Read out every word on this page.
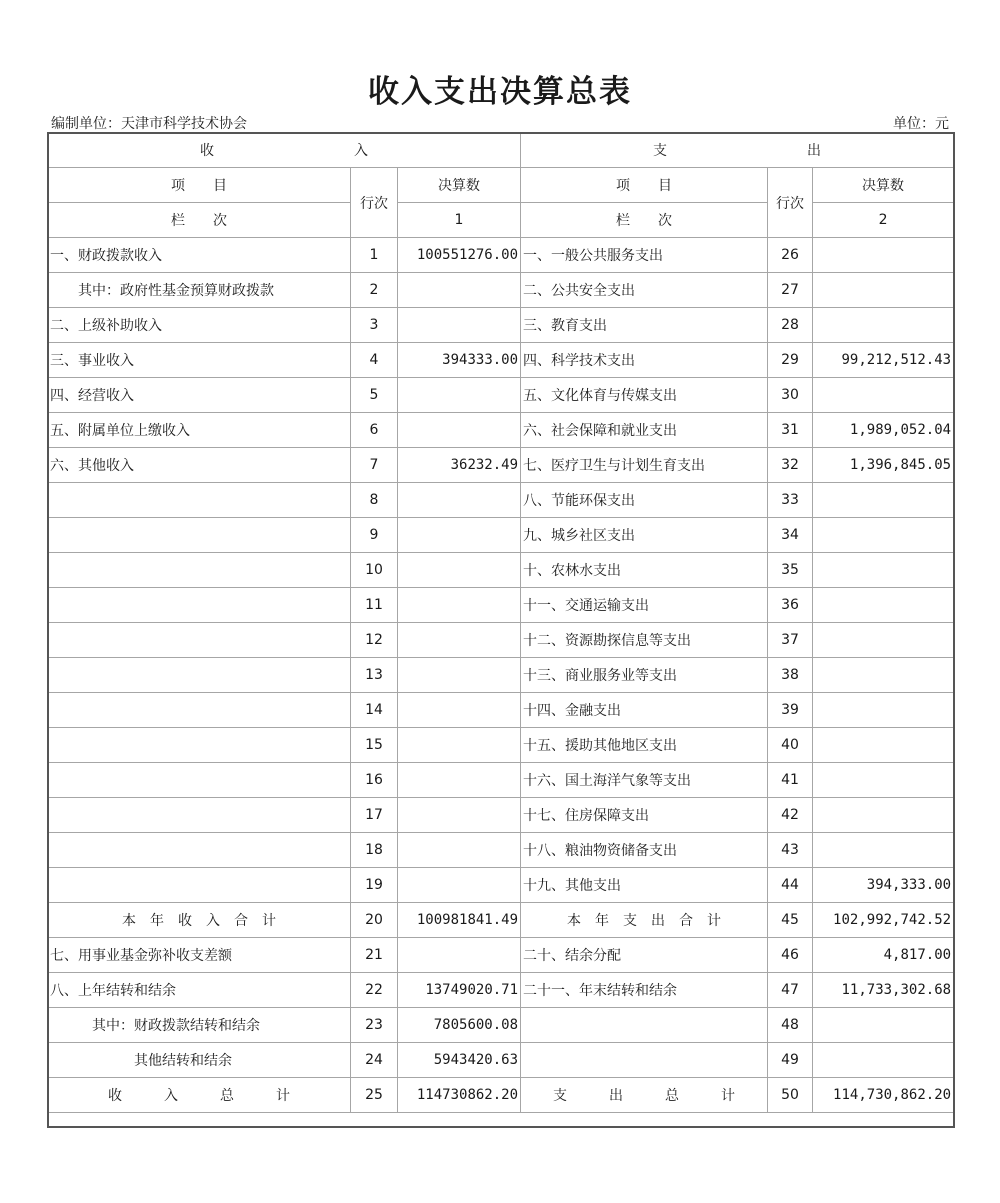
收入支出决算总表
编制单位：天津市科学技术协会	单位：元
收　　　　　　　　　　入			支　　　　　　　　　　出		
项　　目	行次	决算数	项　　目	行次	决算数
栏　　次		1	栏　　次		2
一、财政拨款收入	1	100551276.00	一、一般公共服务支出	26	
　　其中：政府性基金预算财政拨款	2		二、公共安全支出	27	
二、上级补助收入	3		三、教育支出	28	
三、事业收入	4	394333.00	四、科学技术支出	29	99,212,512.43
四、经营收入	5		五、文化体育与传媒支出	30	
五、附属单位上缴收入	6		六、社会保障和就业支出	31	1,989,052.04
六、其他收入	7	36232.49	七、医疗卫生与计划生育支出	32	1,396,845.05
	8		八、节能环保支出	33	
	9		九、城乡社区支出	34	
	10		十、农林水支出	35	
	11		十一、交通运输支出	36	
	12		十二、资源勘探信息等支出	37	
	13		十三、商业服务业等支出	38	
	14		十四、金融支出	39	
	15		十五、援助其他地区支出	40	
	16		十六、国土海洋气象等支出	41	
	17		十七、住房保障支出	42	
	18		十八、粮油物资储备支出	43	
	19		十九、其他支出	44	394,333.00
本　年　收　入　合　计	20	100981841.49	本　年　支　出　合　计	45	102,992,742.52
七、用事业基金弥补收支差额	21		二十、结余分配	46	4,817.00
八、上年结转和结余	22	13749020.71	二十一、年末结转和结余	47	11,733,302.68
　　　其中：财政拨款结转和结余	23	7805600.08		48	
　　　　　　其他结转和结余	24	5943420.63		49	
收　　　入　　　总　　　计	25	114730862.20	支　　　出　　　总　　　计	50	114,730,862.20
